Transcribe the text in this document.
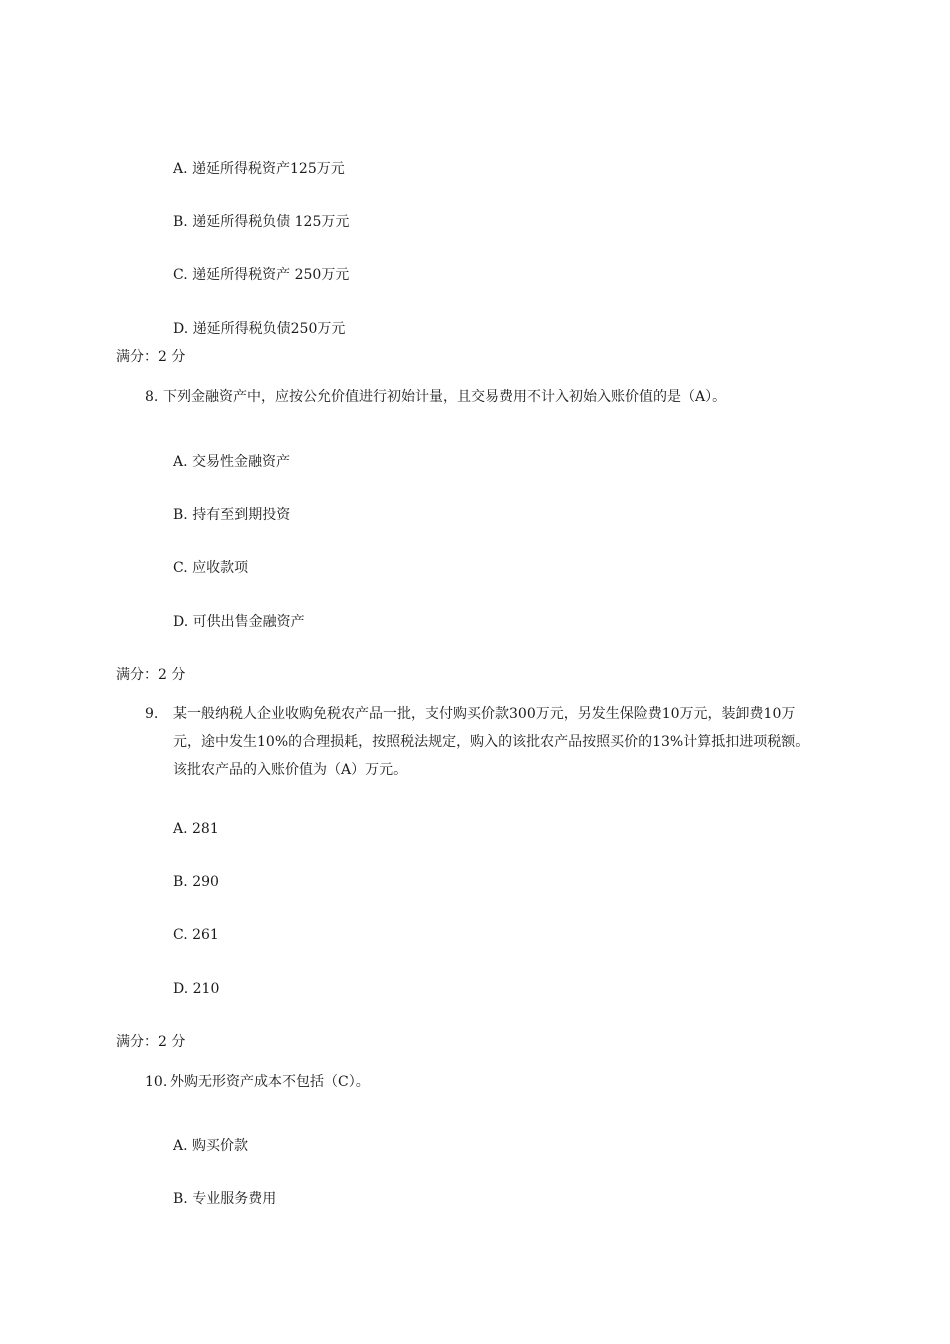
A. 递延所得税资产125万元
B. 递延所得税负债 125万元
C. 递延所得税资产 250万元
D. 递延所得税负债250万元
满分：2 分
8. 下列金融资产中，应按公允价值进行初始计量，且交易费用不计入初始入账价值的是（A）。
A. 交易性金融资产
B. 持有至到期投资
C. 应收款项
D. 可供出售金融资产
满分：2 分
9. 某一般纳税人企业收购免税农产品一批，支付购买价款300万元，另发生保险费10万元，装卸费10万元，途中发生10%的合理损耗，按照税法规定，购入的该批农产品按照买价的13%计算抵扣进项税额。该批农产品的入账价值为（A）万元。
A. 281
B. 290
C. 261
D. 210
满分：2 分
10. 外购无形资产成本不包括（C）。
A. 购买价款
B. 专业服务费用
